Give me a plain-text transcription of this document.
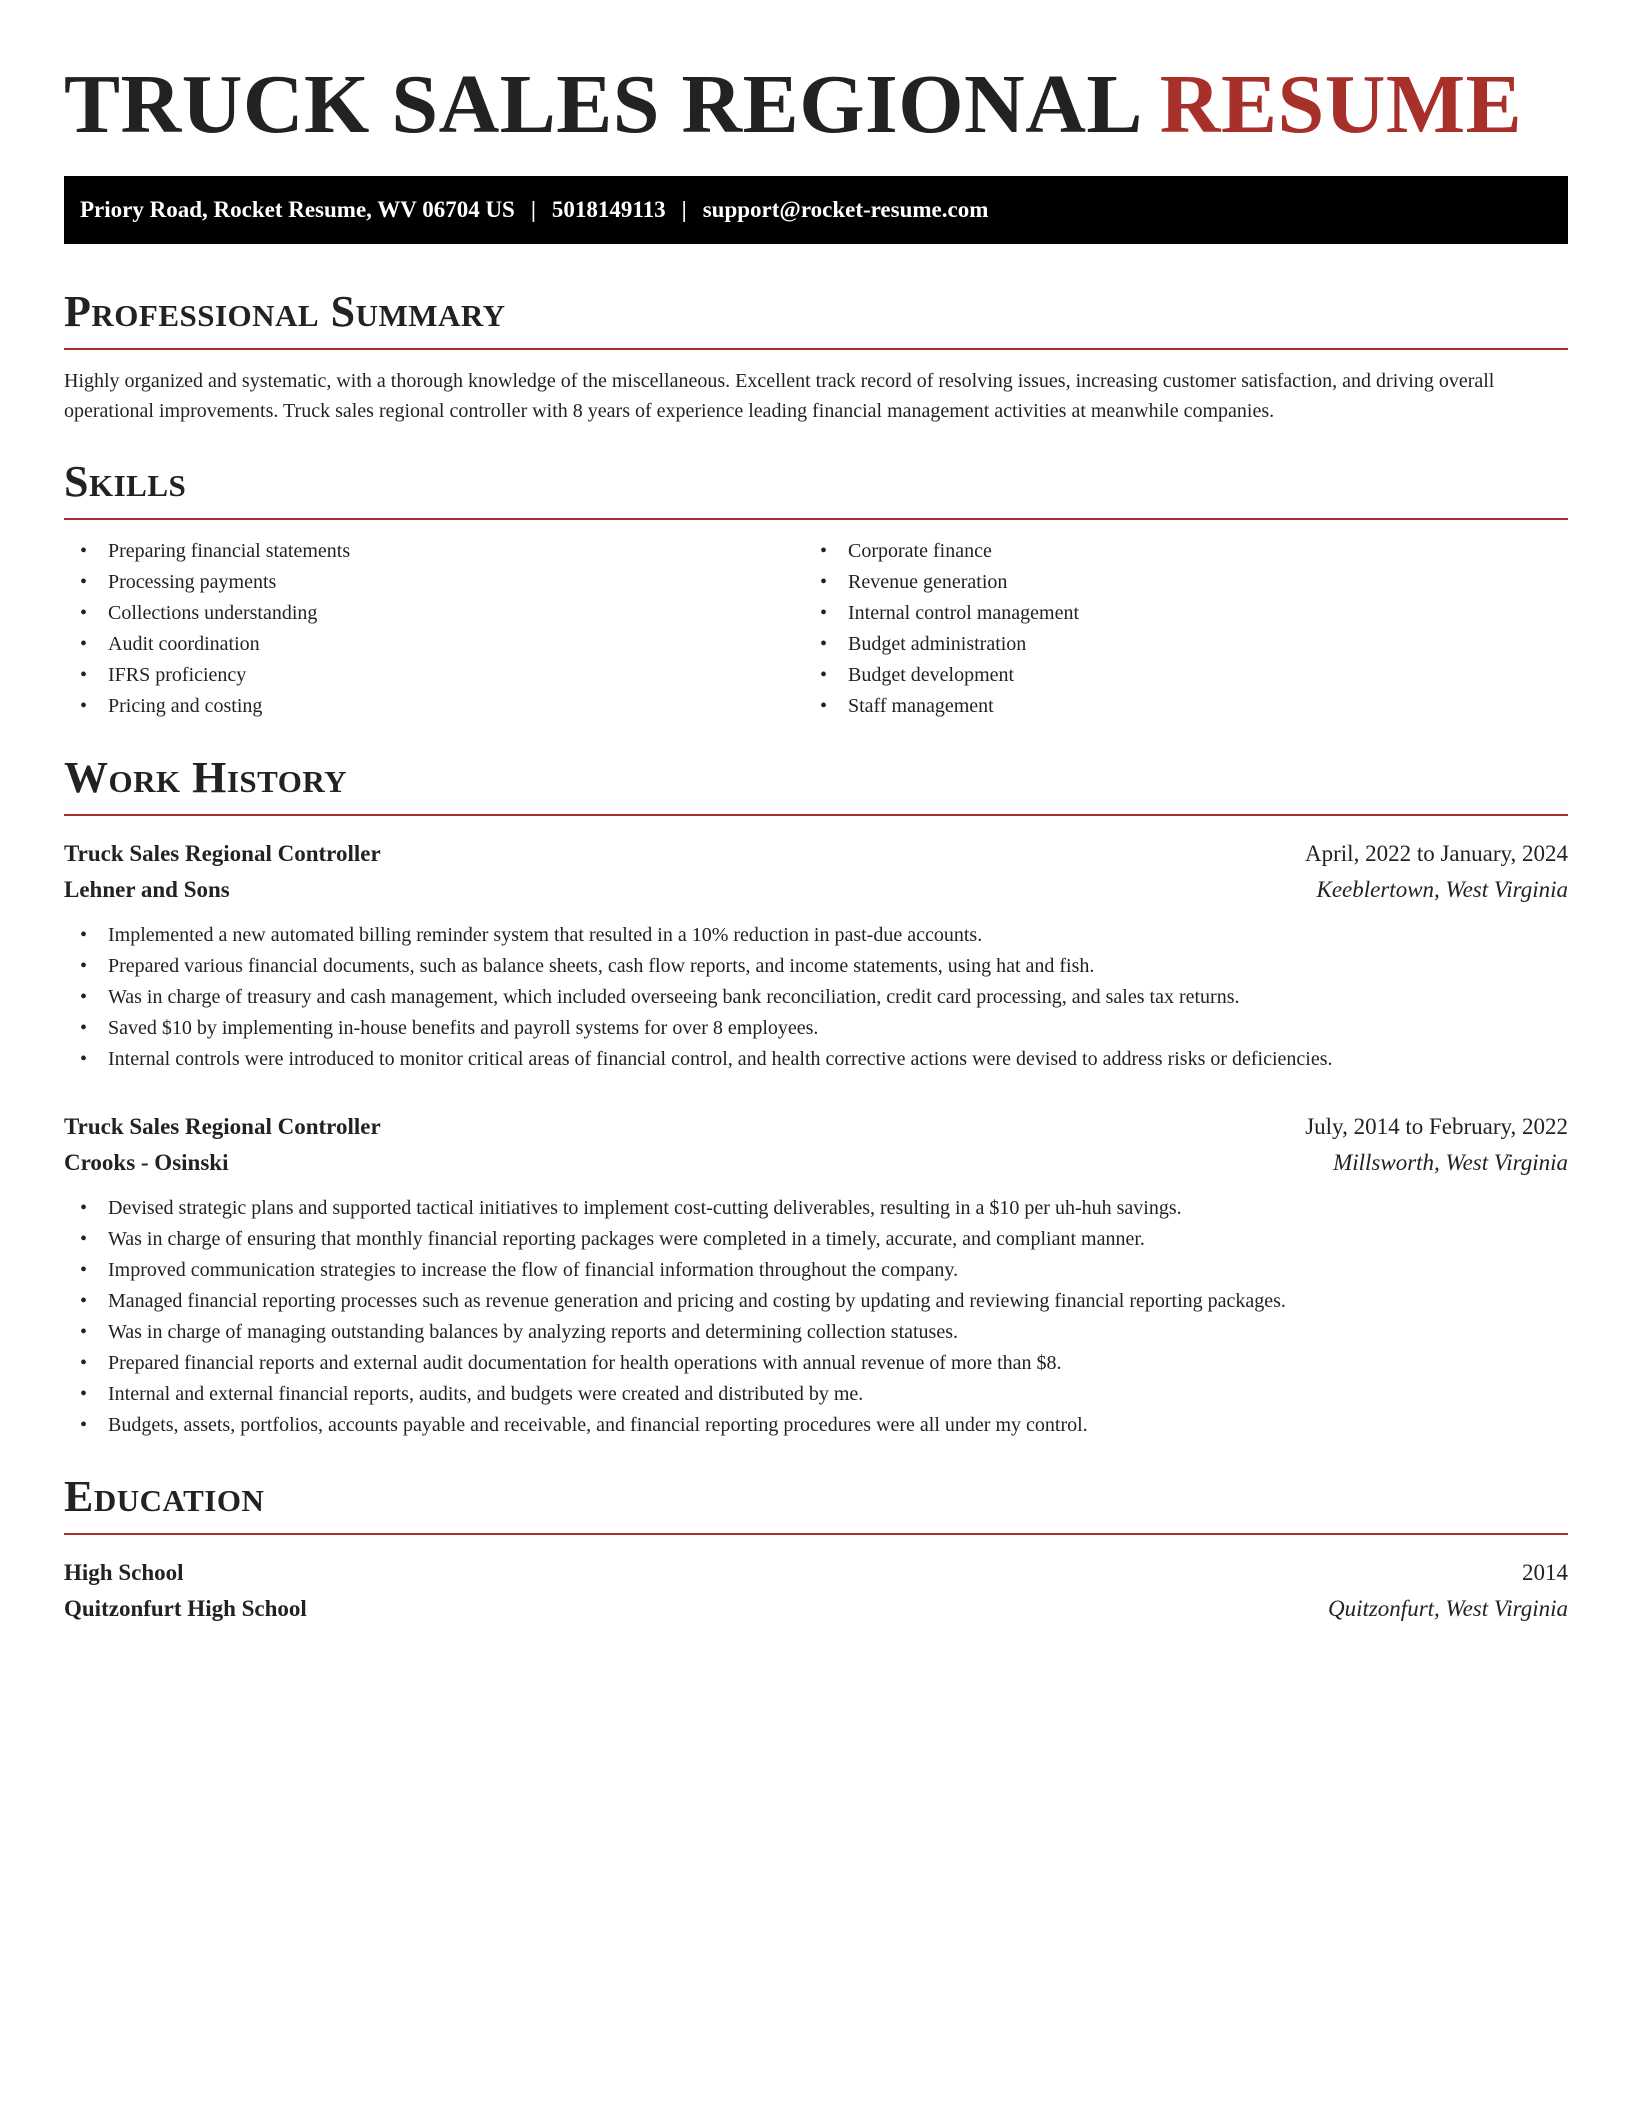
TRUCK SALES REGIONAL RESUME
Priory Road, Rocket Resume, WV 06704 US | 5018149113 | support@rocket-resume.com
Professional Summary

Highly organized and systematic, with a thorough knowledge of the miscellaneous. Excellent track record of resolving issues, increasing customer satisfaction, and driving overall operational improvements. Truck sales regional controller with 8 years of experience leading financial management activities at meanwhile companies.

Skills
• Preparing financial statements
• Processing payments
• Collections understanding
• Audit coordination
• IFRS proficiency
• Pricing and costing
• Corporate finance
• Revenue generation
• Internal control management
• Budget administration
• Budget development
• Staff management
Work History
Truck Sales Regional Controller	April, 2022 to January, 2024
Lehner and Sons	Keeblertown, West Virginia
• Implemented a new automated billing reminder system that resulted in a 10% reduction in past-due accounts.
• Prepared various financial documents, such as balance sheets, cash flow reports, and income statements, using hat and fish.
• Was in charge of treasury and cash management, which included overseeing bank reconciliation, credit card processing, and sales tax returns.
• Saved $10 by implementing in-house benefits and payroll systems for over 8 employees.
• Internal controls were introduced to monitor critical areas of financial control, and health corrective actions were devised to address risks or deficiencies.
Truck Sales Regional Controller	July, 2014 to February, 2022
Crooks - Osinski	Millsworth, West Virginia
• Devised strategic plans and supported tactical initiatives to implement cost-cutting deliverables, resulting in a $10 per uh-huh savings.
• Was in charge of ensuring that monthly financial reporting packages were completed in a timely, accurate, and compliant manner.
• Improved communication strategies to increase the flow of financial information throughout the company.
• Managed financial reporting processes such as revenue generation and pricing and costing by updating and reviewing financial reporting packages.
• Was in charge of managing outstanding balances by analyzing reports and determining collection statuses.
• Prepared financial reports and external audit documentation for health operations with annual revenue of more than $8.
• Internal and external financial reports, audits, and budgets were created and distributed by me.
• Budgets, assets, portfolios, accounts payable and receivable, and financial reporting procedures were all under my control.
Education
High School	2014
Quitzonfurt High School	Quitzonfurt, West Virginia
